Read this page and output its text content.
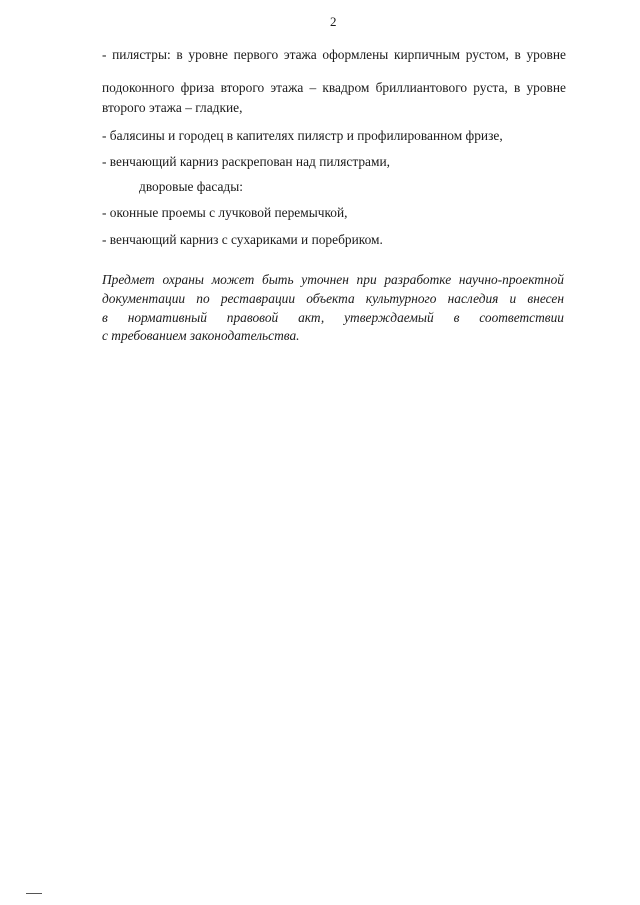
2
- пилястры: в уровне первого этажа оформлены кирпичным рустом, в уровне
подоконного фриза второго этажа – квадром бриллиантового руста, в уровне
второго этажа – гладкие,
- балясины и городец в капителях пилястр и профилированном фризе,
- венчающий карниз раскрепован над пилястрами,
дворовые фасады:
- оконные проемы с лучковой перемычкой,
- венчающий карниз с сухариками и поребриком.
Предмет охраны может быть уточнен при разработке научно-проектной
документации по реставрации объекта культурного наследия и внесен
в нормативный правовой акт, утверждаемый в соответствии
с требованием законодательства.
